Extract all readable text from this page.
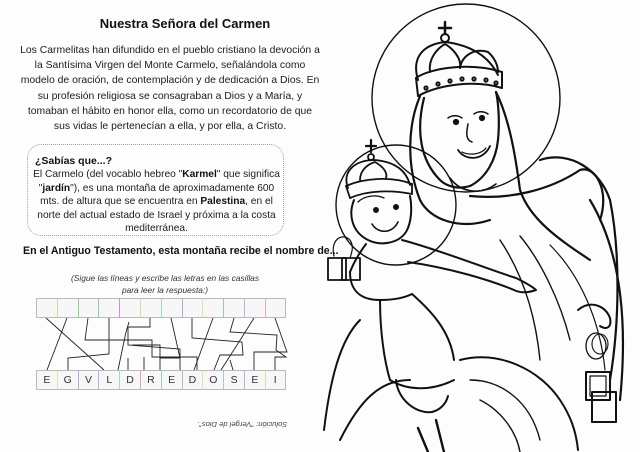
Nuestra Señora del Carmen
Los Carmelitas han difundido en el pueblo cristiano la devoción a la Santísima Virgen del Monte Carmelo, señalándola como modelo de oración, de contemplación y de dedicación a Dios. En su profesión religiosa se consagraban a Dios y a María, y tomaban el hábito en honor ella, como un recordatorio de que sus vidas le pertenecían a ella, y por ella, a Cristo.
¿Sabías que...?
El Carmelo (del vocablo hebreo "Karmel" que significa "jardín"), es una montaña de aproximadamente 600 mts. de altura que se encuentra en Palestina, en el norte del actual estado de Israel y próxima a la costa mediterránea.
En el Antiguo Testamento, esta montaña recibe el nombre de...
(Sigue las líneas y escribe las letras en las casillas
para leer la respuesta:)
E	G	V	L	D	R	E	D	O	S	E	I
Solución: "Vergel de Dios".
